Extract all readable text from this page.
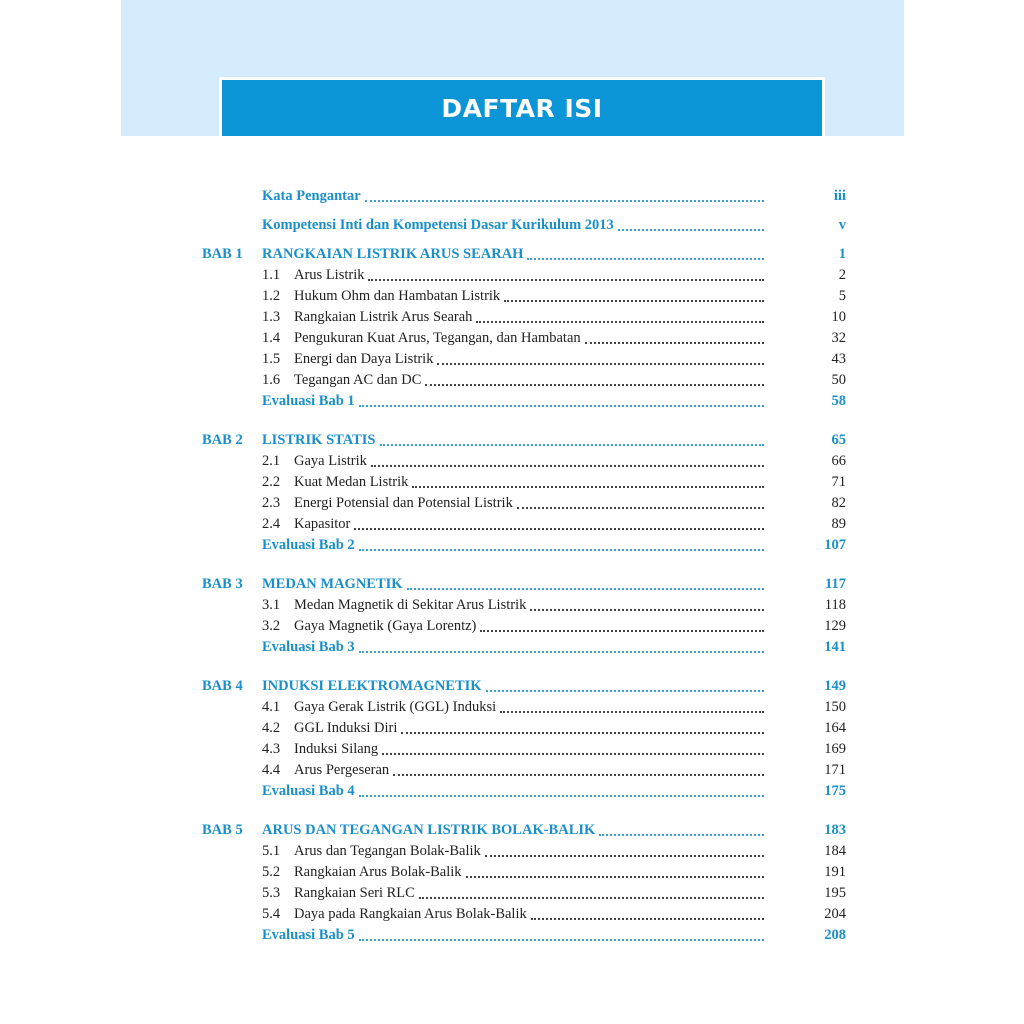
DAFTAR ISI
Kata Pengantar	iii
Kompetensi Inti dan Kompetensi Dasar Kurikulum 2013	v
BAB 1	RANGKAIAN LISTRIK ARUS SEARAH	1
1.1 Arus Listrik	2
1.2 Hukum Ohm dan Hambatan Listrik	5
1.3 Rangkaian Listrik Arus Searah	10
1.4 Pengukuran Kuat Arus, Tegangan, dan Hambatan	32
1.5 Energi dan Daya Listrik	43
1.6 Tegangan AC dan DC	50
Evaluasi Bab 1	58
BAB 2	LISTRIK STATIS	65
2.1 Gaya Listrik	66
2.2 Kuat Medan Listrik	71
2.3 Energi Potensial dan Potensial Listrik	82
2.4 Kapasitor	89
Evaluasi Bab 2	107
BAB 3	MEDAN MAGNETIK	117
3.1 Medan Magnetik di Sekitar Arus Listrik	118
3.2 Gaya Magnetik (Gaya Lorentz)	129
Evaluasi Bab 3	141
BAB 4	INDUKSI ELEKTROMAGNETIK	149
4.1 Gaya Gerak Listrik (GGL) Induksi	150
4.2 GGL Induksi Diri	164
4.3 Induksi Silang	169
4.4 Arus Pergeseran	171
Evaluasi Bab 4	175
BAB 5	ARUS DAN TEGANGAN LISTRIK BOLAK-BALIK	183
5.1 Arus dan Tegangan Bolak-Balik	184
5.2 Rangkaian Arus Bolak-Balik	191
5.3 Rangkaian Seri RLC	195
5.4 Daya pada Rangkaian Arus Bolak-Balik	204
Evaluasi Bab 5	208
